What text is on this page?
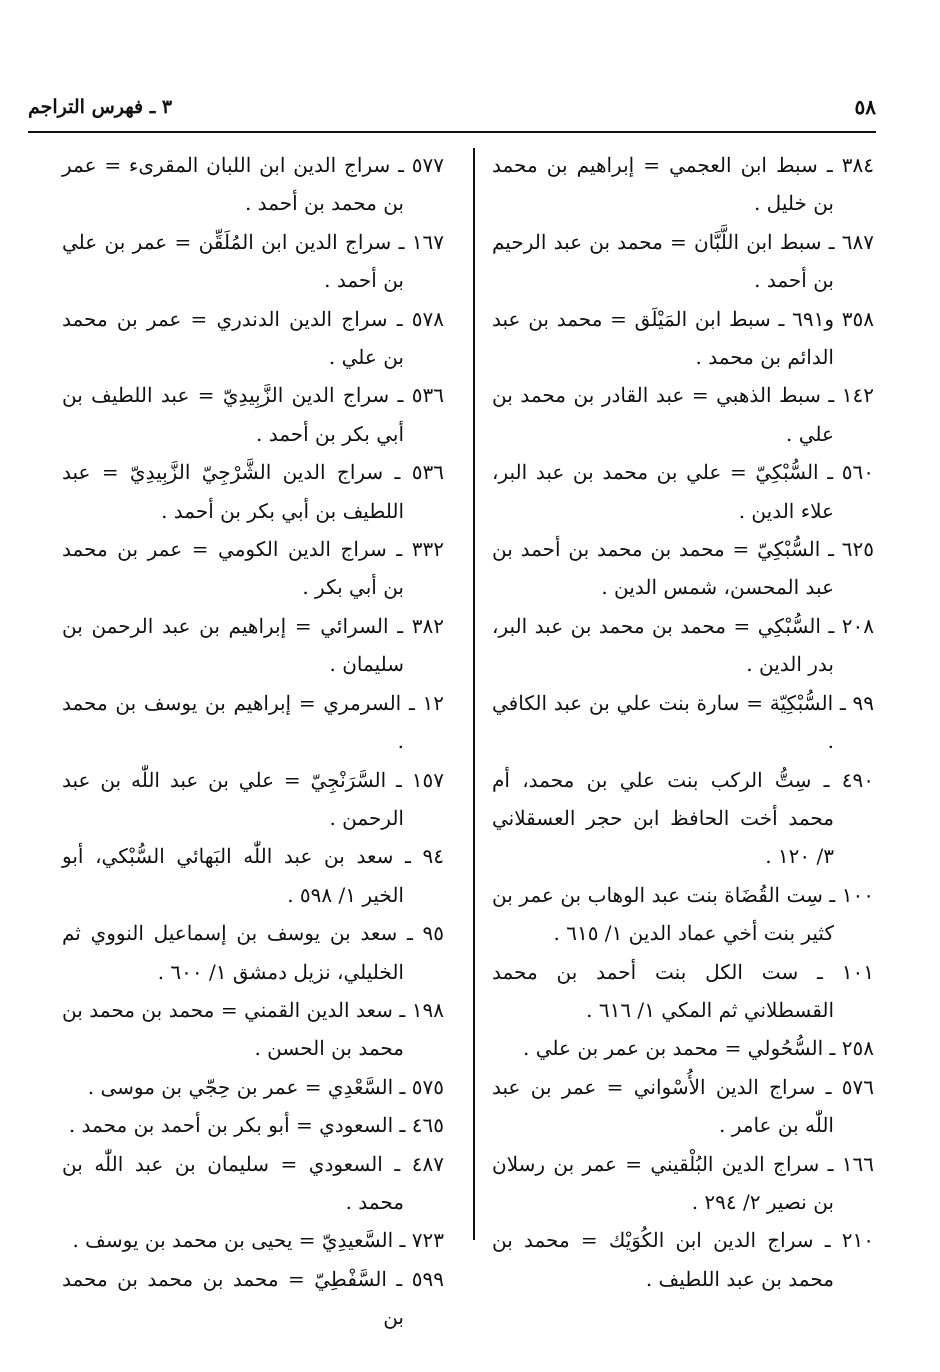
٥٨
٣ ـ فهرس التراجم

٣٨٤ ـ سبط ابن العجمي = إبراهيم بن محمد بن خليل .

٦٨٧ ـ سبط ابن اللَّبَّان = محمد بن عبد الرحيم بن أحمد .

٣٥٨ و٦٩١ ـ سبط ابن المَيْلَق = محمد بن عبد الدائم بن محمد .

١٤٢ ـ سبط الذهبي = عبد القادر بن محمد بن علي .

٥٦٠ ـ السُّبْكِيّ = علي بن محمد بن عبد البر، علاء الدين .

٦٢٥ ـ السُّبْكِيّ = محمد بن محمد بن أحمد بن عبد المحسن، شمس الدين .

٢٠٨ ـ السُّبْكِي = محمد بن محمد بن عبد البر، بدر الدين .

٩٩ ـ السُّبْكِيّة = سارة بنت علي بن عبد الكافي .

٤٩٠ ـ سِتُّ الركب بنت علي بن محمد، أم محمد أخت الحافظ ابن حجر العسقلاني ٣/ ١٢٠ .

١٠٠ ـ سِت القُضَاة بنت عبد الوهاب بن عمر بن كثير بنت أخي عماد الدين ١/ ٦١٥ .

١٠١ ـ ست الكل بنت أحمد بن محمد القسطلاني ثم المكي ١/ ٦١٦ .

٢٥٨ ـ السُّحُولي = محمد بن عمر بن علي .

٥٧٦ ـ سراج الدين الأُسْواني = عمر بن عبد اللّٰه بن عامر .

١٦٦ ـ سراج الدين البُلْقيني = عمر بن رسلان بن نصير ٢/ ٢٩٤ .

٢١٠ ـ سراج الدين ابن الكُوَيْك = محمد بن محمد بن عبد اللطيف .

٥٧٧ ـ سراج الدين ابن اللبان المقرىء = عمر بن محمد بن أحمد .

١٦٧ ـ سراج الدين ابن المُلَقِّن = عمر بن علي بن أحمد .

٥٧٨ ـ سراج الدين الدندري = عمر بن محمد بن علي .

٥٣٦ ـ سراج الدين الزَّبِيدِيّ = عبد اللطيف بن أبي بكر بن أحمد .

٥٣٦ ـ سراج الدين الشَّرْجِيّ الزَّبِيدِيّ = عبد اللطيف بن أبي بكر بن أحمد .

٣٣٢ ـ سراج الدين الكومي = عمر بن محمد بن أبي بكر .

٣٨٢ ـ السرائي = إبراهيم بن عبد الرحمن بن سليمان .

١٢ ـ السرمري = إبراهيم بن يوسف بن محمد .

١٥٧ ـ السَّرَنْجِيّ = علي بن عبد اللّٰه بن عبد الرحمن .

٩٤ ـ سعد بن عبد اللّٰه البَهائي السُّبْكي، أبو الخير ١/ ٥٩٨ .

٩٥ ـ سعد بن يوسف بن إسماعيل النووي ثم الخليلي، نزيل دمشق ١/ ٦٠٠ .

١٩٨ ـ سعد الدين القمني = محمد بن محمد بن محمد بن الحسن .

٥٧٥ ـ السَّعْدِي = عمر بن حِجّي بن موسى .

٤٦٥ ـ السعودي = أبو بكر بن أحمد بن محمد .

٤٨٧ ـ السعودي = سليمان بن عبد اللّٰه بن محمد .

٧٢٣ ـ السَّعيدِيّ = يحيى بن محمد بن يوسف .

٥٩٩ ـ السَّفْطِيّ = محمد بن محمد بن محمد بن
